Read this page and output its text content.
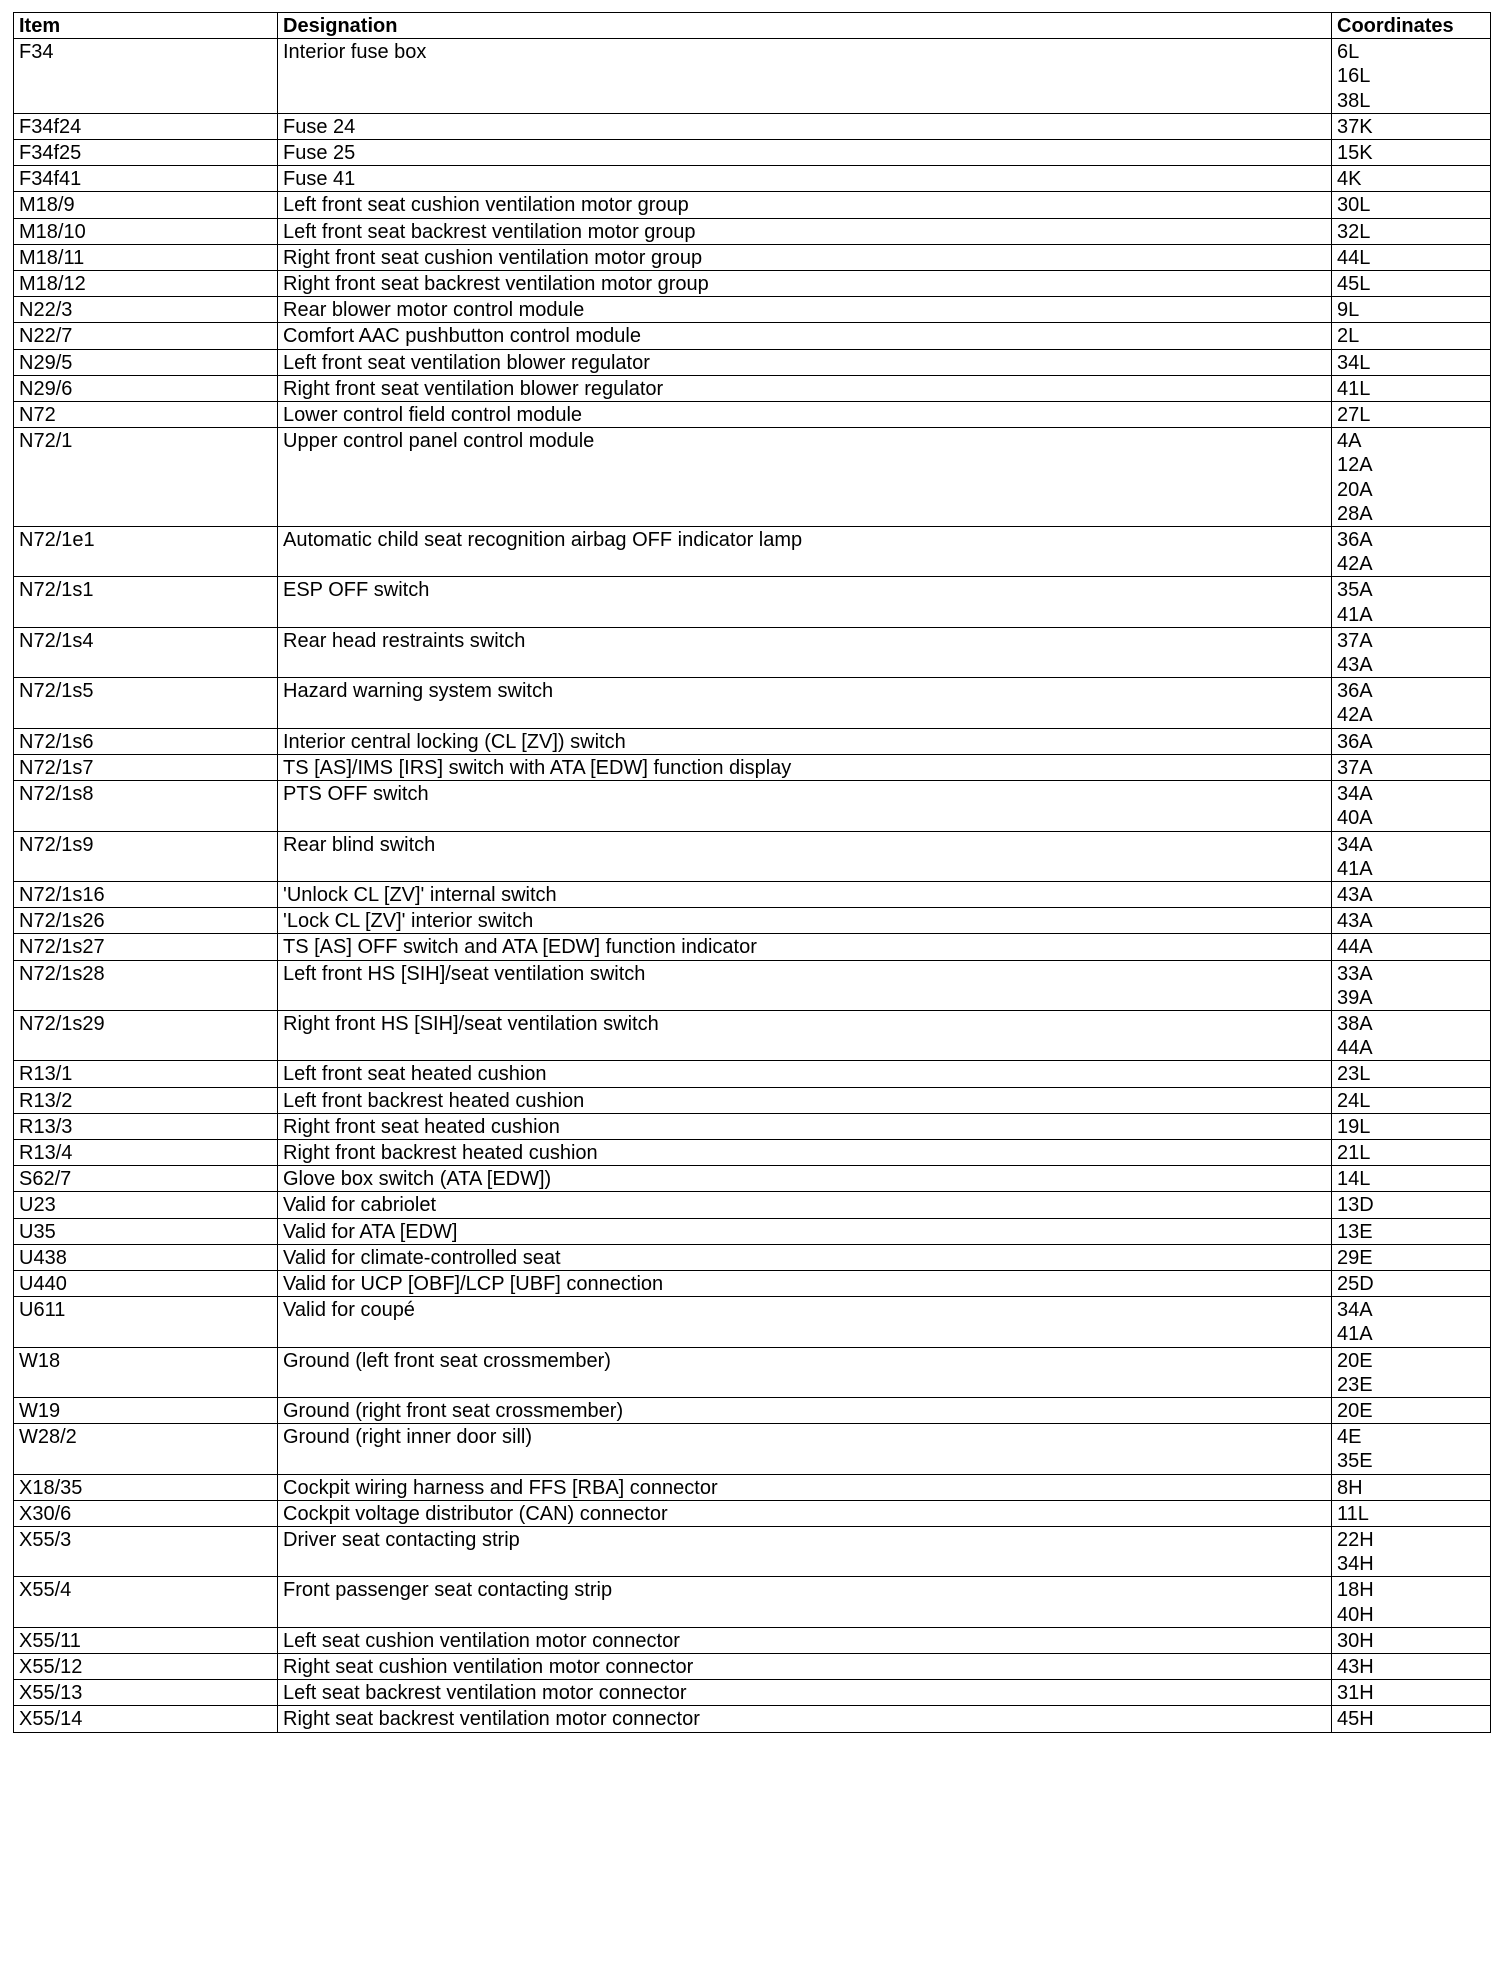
Item	Designation	Coordinates
F34	Interior fuse box	6L
16L
38L

F34f24	Fuse 24	37K

F34f25	Fuse 25	15K

F34f41	Fuse 41	4K

M18/9	Left front seat cushion ventilation motor group	30L

M18/10	Left front seat backrest ventilation motor group	32L

M18/11	Right front seat cushion ventilation motor group	44L

M18/12	Right front seat backrest ventilation motor group	45L

N22/3	Rear blower motor control module	9L

N22/7	Comfort AAC pushbutton control module	2L

N29/5	Left front seat ventilation blower regulator	34L

N29/6	Right front seat ventilation blower regulator	41L

N72	Lower control field control module	27L

N72/1	Upper control panel control module	4A
12A
20A
28A

N72/1e1	Automatic child seat recognition airbag OFF indicator lamp	36A
42A

N72/1s1	ESP OFF switch	35A
41A

N72/1s4	Rear head restraints switch	37A
43A

N72/1s5	Hazard warning system switch	36A
42A

N72/1s6	Interior central locking (CL [ZV]) switch	36A

N72/1s7	TS [AS]/IMS [IRS] switch with ATA [EDW] function display	37A

N72/1s8	PTS OFF switch	34A
40A

N72/1s9	Rear blind switch	34A
41A

N72/1s16	'Unlock CL [ZV]' internal switch	43A

N72/1s26	'Lock CL [ZV]' interior switch	43A

N72/1s27	TS [AS] OFF switch and ATA [EDW] function indicator	44A

N72/1s28	Left front HS [SIH]/seat ventilation switch	33A
39A

N72/1s29	Right front HS [SIH]/seat ventilation switch	38A
44A

R13/1	Left front seat heated cushion	23L

R13/2	Left front backrest heated cushion	24L

R13/3	Right front seat heated cushion	19L

R13/4	Right front backrest heated cushion	21L

S62/7	Glove box switch (ATA [EDW])	14L

U23	Valid for cabriolet	13D

U35	Valid for ATA [EDW]	13E

U438	Valid for climate-controlled seat	29E

U440	Valid for UCP [OBF]/LCP [UBF] connection	25D

U611	Valid for coupé	34A
41A

W18	Ground (left front seat crossmember)	20E
23E

W19	Ground (right front seat crossmember)	20E

W28/2	Ground (right inner door sill)	4E
35E

X18/35	Cockpit wiring harness and FFS [RBA] connector	8H

X30/6	Cockpit voltage distributor (CAN) connector	11L

X55/3	Driver seat contacting strip	22H
34H

X55/4	Front passenger seat contacting strip	18H
40H

X55/11	Left seat cushion ventilation motor connector	30H

X55/12	Right seat cushion ventilation motor connector	43H

X55/13	Left seat backrest ventilation motor connector	31H

X55/14	Right seat backrest ventilation motor connector	45H
